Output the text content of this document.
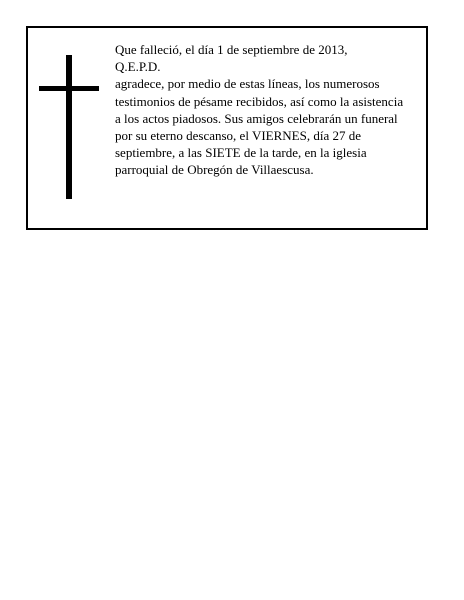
Que falleció, el día 1 de septiembre de 2013,
Q.E.P.D.
agradece, por medio de estas líneas, los numerosos
testimonios de pésame recibidos, así como la asistencia
a los actos piadosos. Sus amigos celebrarán un funeral
por su eterno descanso, el VIERNES, día 27 de
septiembre, a las SIETE de la tarde, en la iglesia
parroquial de Obregón de Villaescusa.
